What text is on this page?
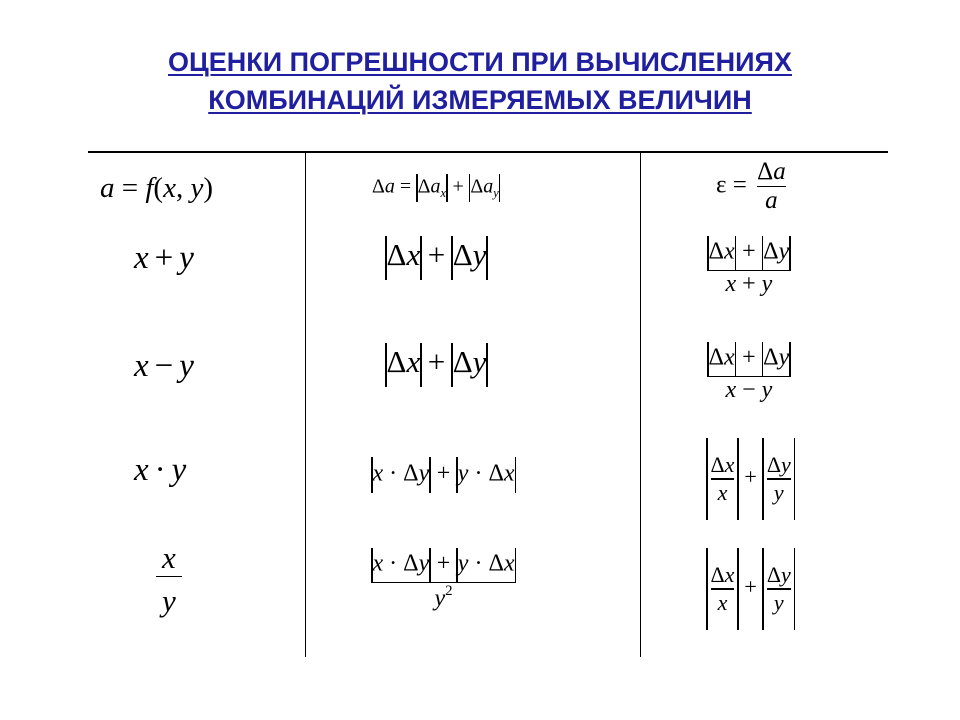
ОЦЕНКИ ПОГРЕШНОСТИ ПРИ ВЫЧИСЛЕНИЯХ
КОМБИНАЦИЙ ИЗМЕРЯЕМЫХ ВЕЛИЧИН
a = f(x, y)	$\Delta a = \Delta a_x + \Delta a_y$	$\varepsilon = \frac{\Delta a}{a}$
x + y	Δx + Δy	$\frac{\Delta x + \Delta y}{x + y}$
x − y	Δx + Δy	$\frac{\Delta x + \Delta y}{x - y}$
x · y	x · Δy + y · Δx	$\frac{\Delta x}{x} + \frac{\Delta y}{y}$
$\frac{x}{y}$	$\frac{x \cdot \Delta y + y \cdot \Delta x}{y^2}$	$\frac{\Delta x}{x} + \frac{\Delta y}{y}$
